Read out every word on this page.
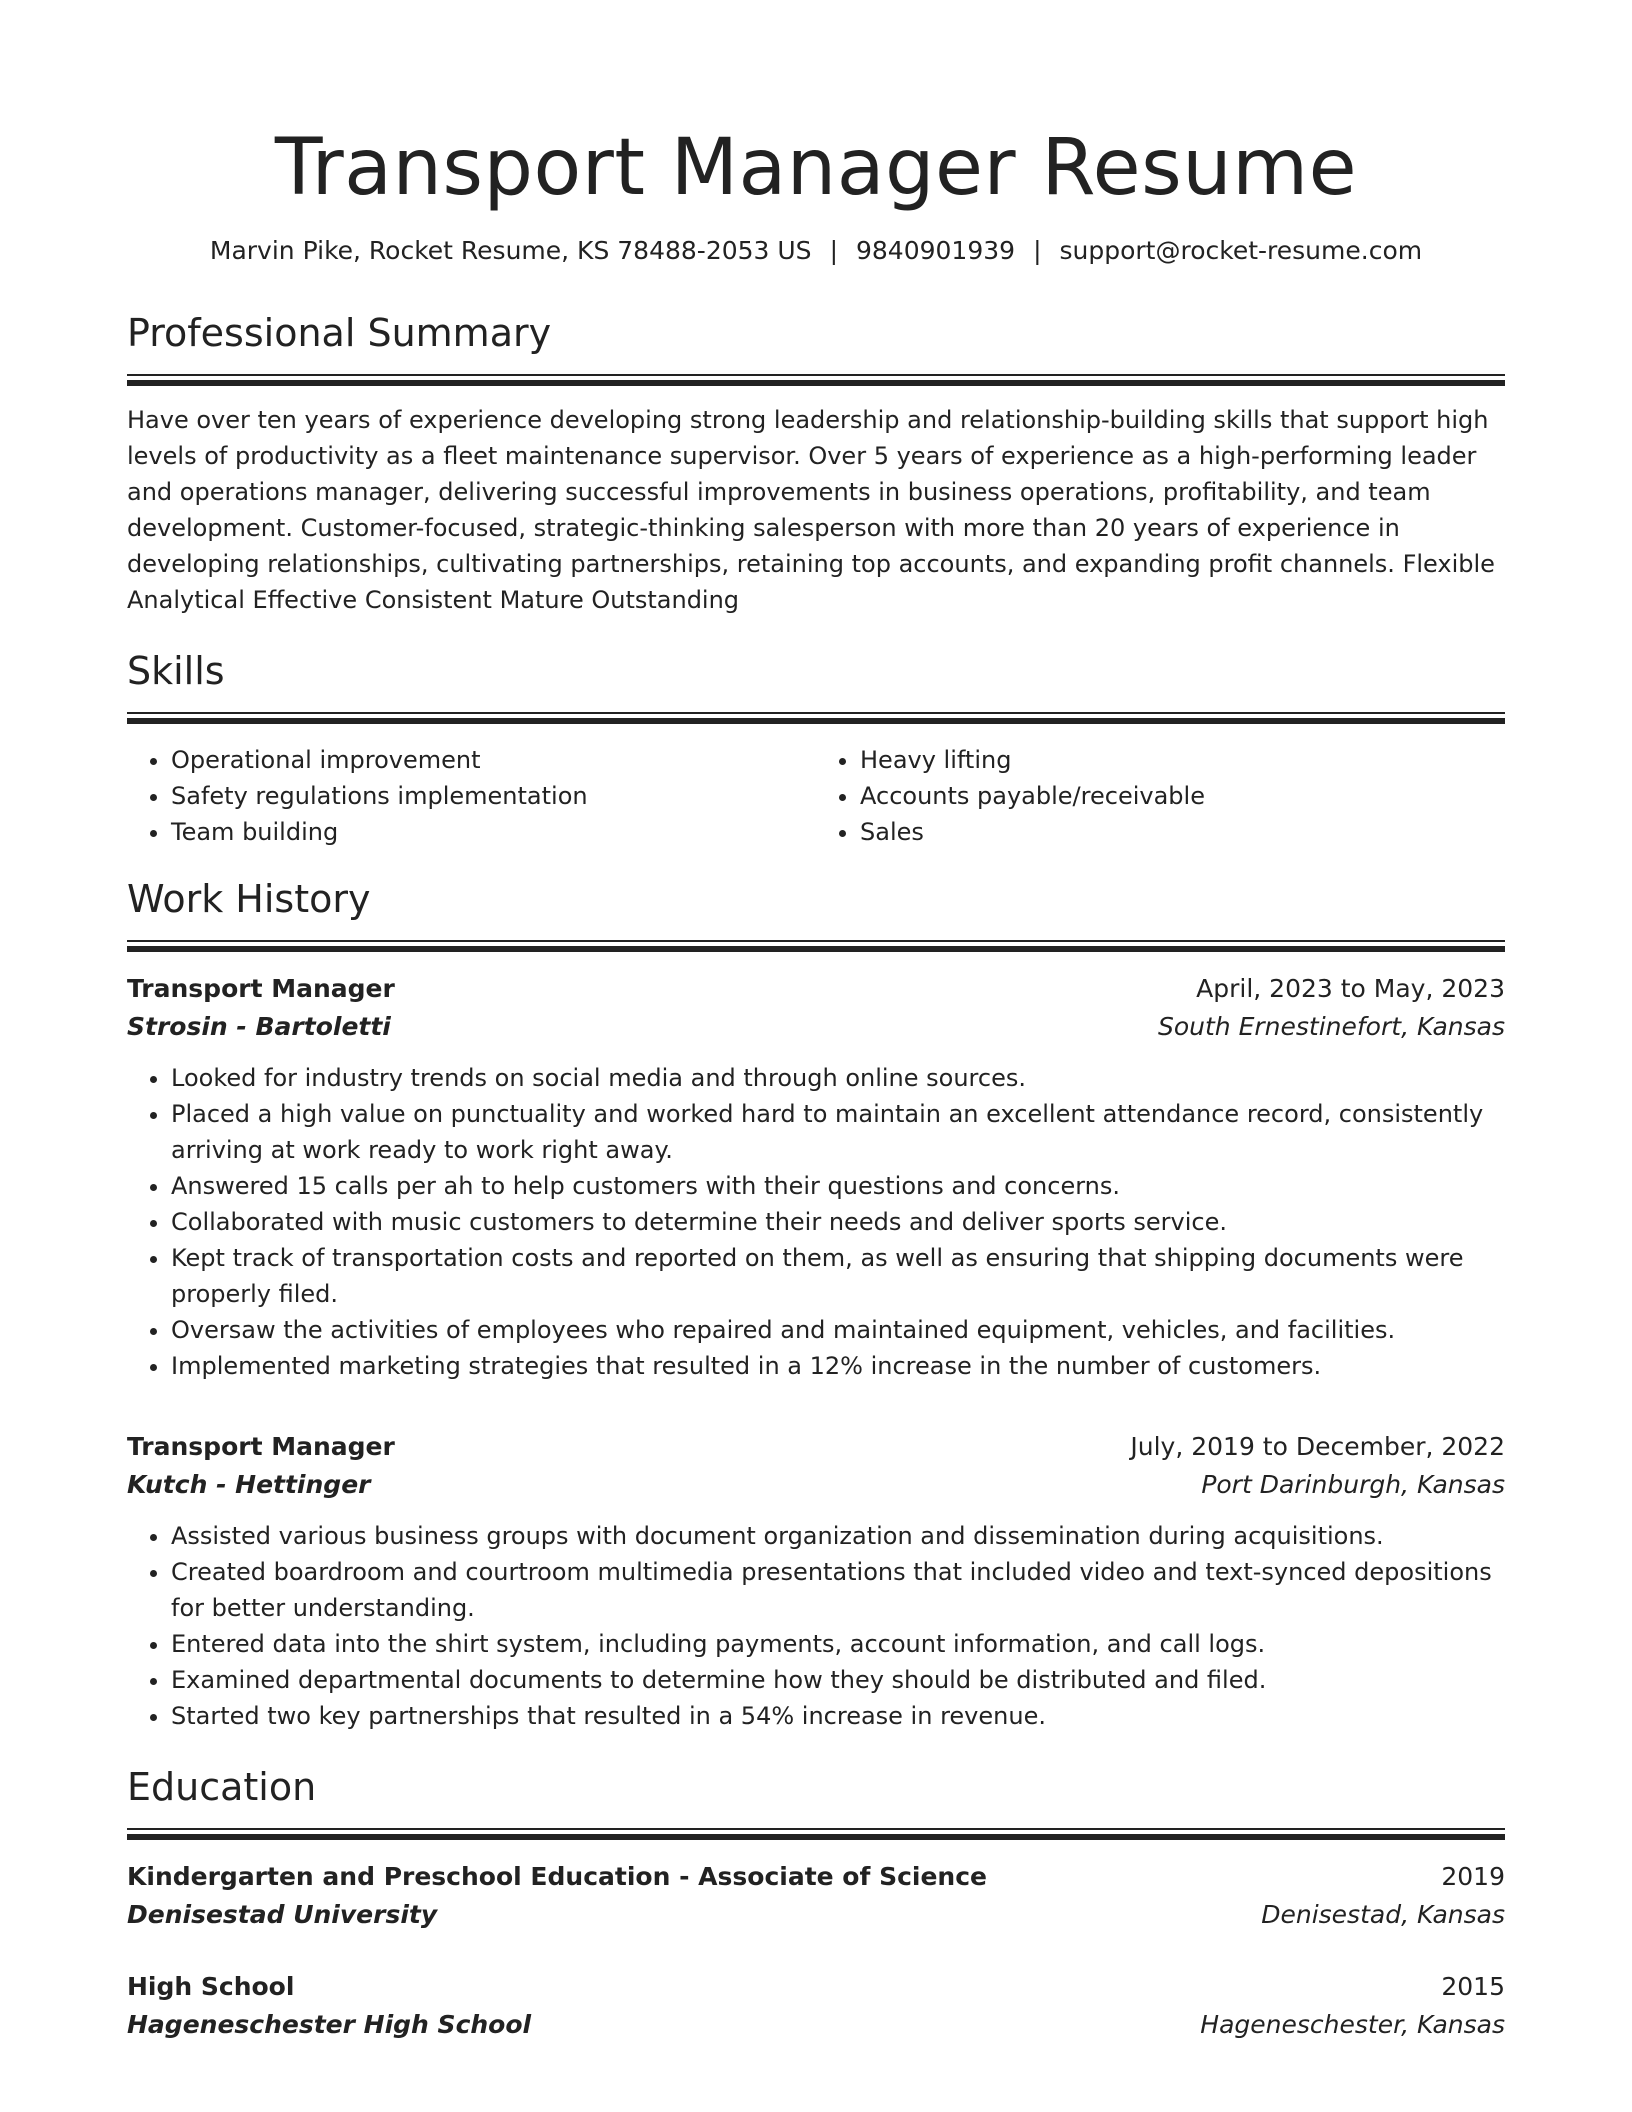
Transport Manager Resume
Marvin Pike, Rocket Resume, KS 78488-2053 US | 9840901939 | support@rocket-resume.com
Professional Summary

Have over ten years of experience developing strong leadership and relationship-building skills that support high levels of productivity as a fleet maintenance supervisor. Over 5 years of experience as a high-performing leader and operations manager, delivering successful improvements in business operations, profitability, and team development. Customer-focused, strategic-thinking salesperson with more than 20 years of experience in developing relationships, cultivating partnerships, retaining top accounts, and expanding profit channels. Flexible Analytical Effective Consistent Mature Outstanding

Skills
• Operational improvement
• Safety regulations implementation
• Team building
• Heavy lifting
• Accounts payable/receivable
• Sales
Work History
Transport Manager	April, 2023 to May, 2023
Strosin - Bartoletti	South Ernestinefort, Kansas
• Looked for industry trends on social media and through online sources.
• Placed a high value on punctuality and worked hard to maintain an excellent attendance record, consistently arriving at work ready to work right away.
• Answered 15 calls per ah to help customers with their questions and concerns.
• Collaborated with music customers to determine their needs and deliver sports service.
• Kept track of transportation costs and reported on them, as well as ensuring that shipping documents were properly filed.
• Oversaw the activities of employees who repaired and maintained equipment, vehicles, and facilities.
• Implemented marketing strategies that resulted in a 12% increase in the number of customers.
Transport Manager	July, 2019 to December, 2022
Kutch - Hettinger	Port Darinburgh, Kansas
• Assisted various business groups with document organization and dissemination during acquisitions.
• Created boardroom and courtroom multimedia presentations that included video and text-synced depositions for better understanding.
• Entered data into the shirt system, including payments, account information, and call logs.
• Examined departmental documents to determine how they should be distributed and filed.
• Started two key partnerships that resulted in a 54% increase in revenue.
Education
Kindergarten and Preschool Education - Associate of Science	2019
Denisestad University	Denisestad, Kansas
High School	2015
Hageneschester High School	Hageneschester, Kansas
